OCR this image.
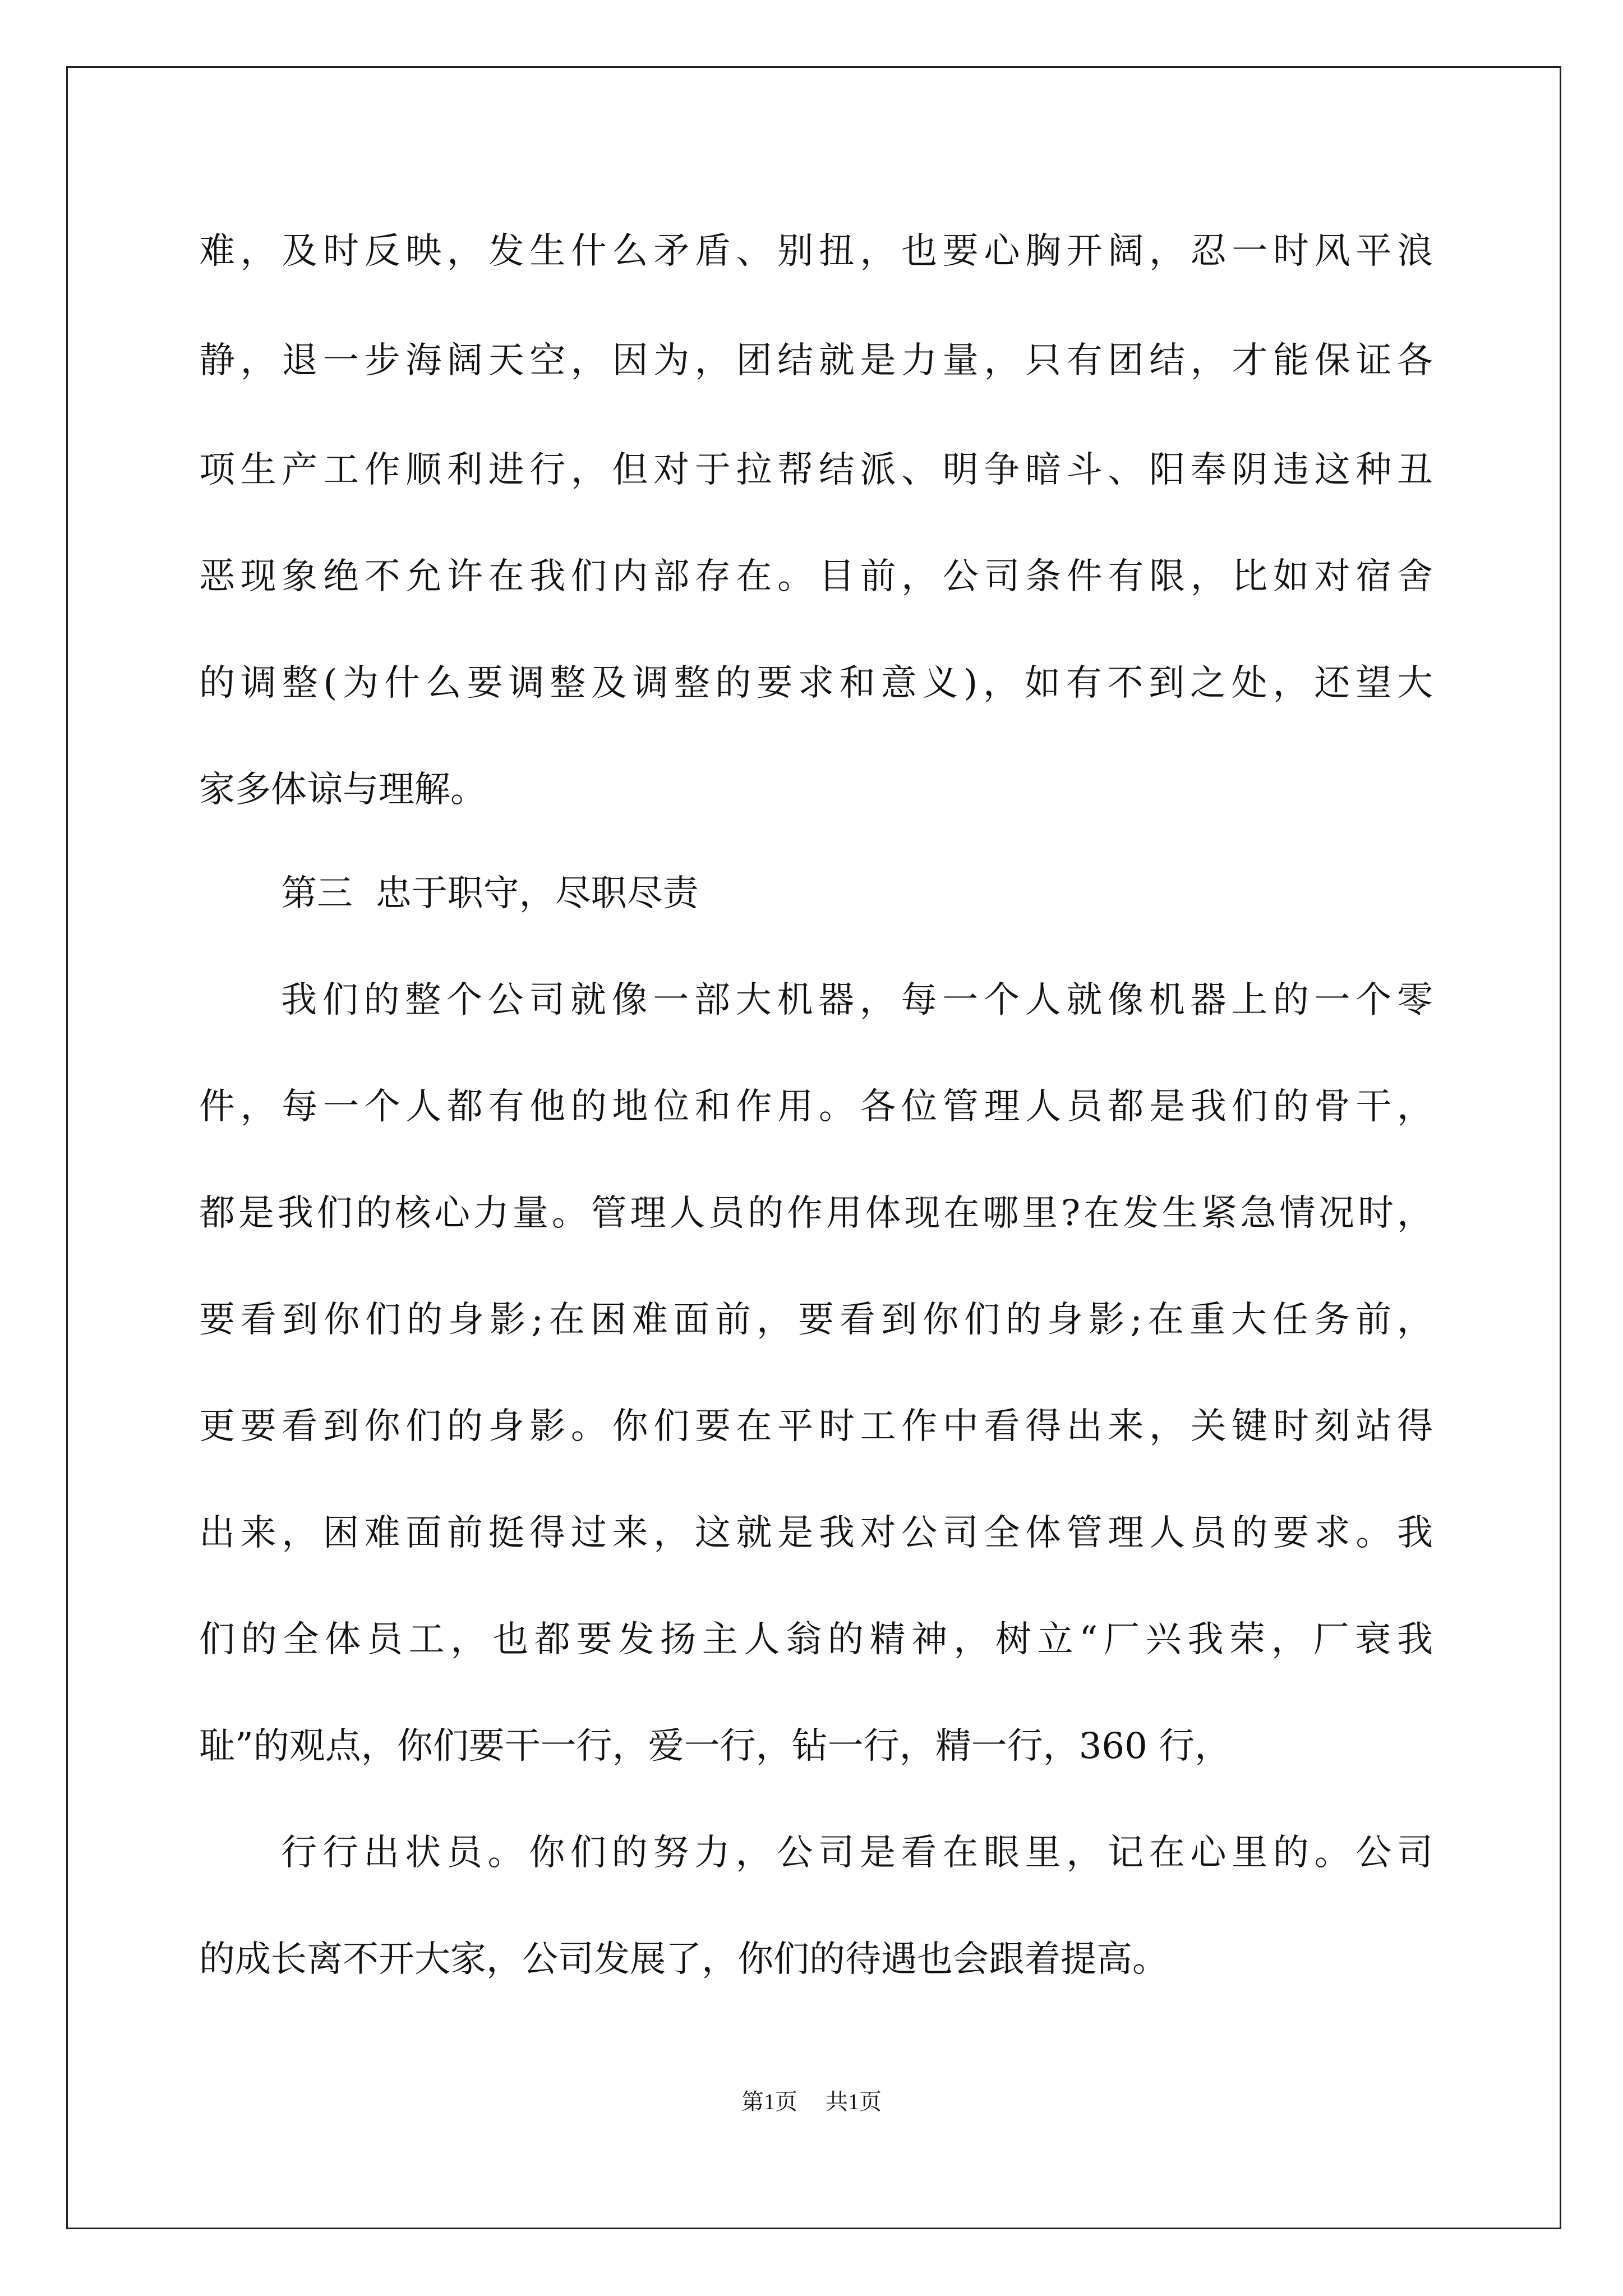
难，及时反映，发生什么矛盾、别扭，也要心胸开阔，忍一时风平浪
静，退一步海阔天空，因为，团结就是力量，只有团结，才能保证各
项生产工作顺利进行，但对于拉帮结派、明争暗斗、阳奉阴违这种丑
恶现象绝不允许在我们内部存在。目前，公司条件有限，比如对宿舍
的调整(为什么要调整及调整的要求和意义)，如有不到之处，还望大
家多体谅与理解。
第三  忠于职守，尽职尽责
我们的整个公司就像一部大机器，每一个人就像机器上的一个零
件，每一个人都有他的地位和作用。各位管理人员都是我们的骨干，
都是我们的核心力量。管理人员的作用体现在哪里?在发生紧急情况时，
要看到你们的身影;在困难面前，要看到你们的身影;在重大任务前，
更要看到你们的身影。你们要在平时工作中看得出来，关键时刻站得
出来，困难面前挺得过来，这就是我对公司全体管理人员的要求。我
们的全体员工，也都要发扬主人翁的精神，树立“厂兴我荣，厂衰我
耻”的观点，你们要干一行，爱一行，钻一行，精一行，360 行，
行行出状员。你们的努力，公司是看在眼里，记在心里的。公司
的成长离不开大家，公司发展了，你们的待遇也会跟着提高。
第1页 共1页
